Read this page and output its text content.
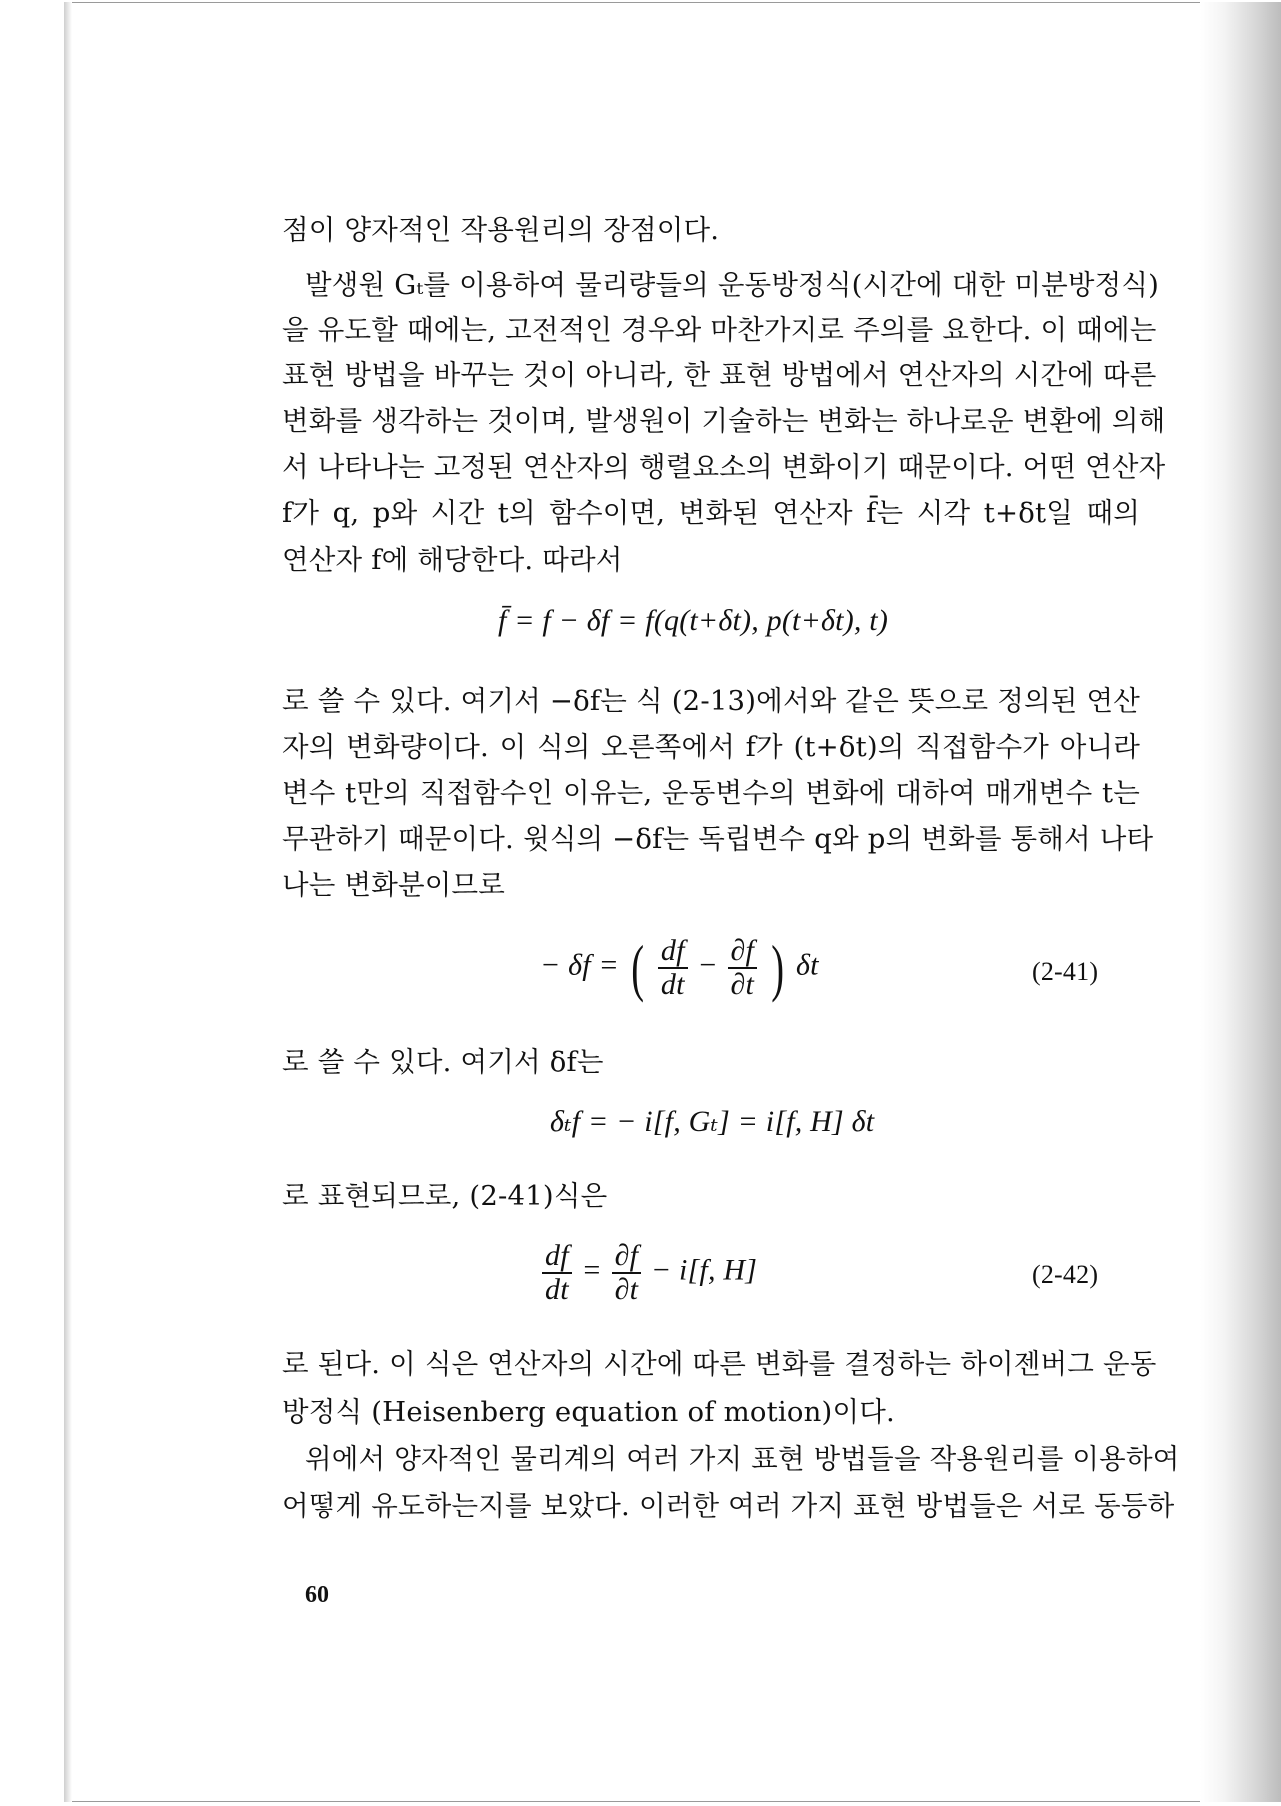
점이 양자적인 작용원리의 장점이다.
발생원 Gₜ를 이용하여 물리량들의 운동방정식(시간에 대한 미분방정식)
을 유도할 때에는, 고전적인 경우와 마찬가지로 주의를 요한다. 이 때에는
표현 방법을 바꾸는 것이 아니라, 한 표현 방법에서 연산자의 시간에 따른
변화를 생각하는 것이며, 발생원이 기술하는 변화는 하나로운 변환에 의해
서 나타나는 고정된 연산자의 행렬요소의 변화이기 때문이다. 어떤 연산자
f가 q, p와 시간 t의 함수이면, 변화된 연산자 f̄는 시각 t+δt일 때의
연산자 f에 해당한다. 따라서
f̄ = f − δf = f(q(t+δt), p(t+δt), t)
로 쓸 수 있다. 여기서 −δf는 식 (2-13)에서와 같은 뜻으로 정의된 연산
자의 변화량이다. 이 식의 오른쪽에서 f가 (t+δt)의 직접함수가 아니라
변수 t만의 직접함수인 이유는, 운동변수의 변화에 대하여 매개변수 t는
무관하기 때문이다. 윗식의 −δf는 독립변수 q와 p의 변화를 통해서 나타
나는 변화분이므로
− δf = ( $\frac{df}{dt} - \frac{\partial f}{\partial t}$ ) δt	(2-41)
로 쓸 수 있다. 여기서 δf는
δₜf = − i[f, Gₜ] = i[f, H] δt
로 표현되므로, (2-41)식은
$\frac{df}{dt} = \frac{\partial f}{\partial t} - i[f$, H]	(2-42)
로 된다. 이 식은 연산자의 시간에 따른 변화를 결정하는 하이젠버그 운동
방정식 (Heisenberg equation of motion)이다.
위에서 양자적인 물리계의 여러 가지 표현 방법들을 작용원리를 이용하여
어떻게 유도하는지를 보았다. 이러한 여러 가지 표현 방법들은 서로 동등하
60
